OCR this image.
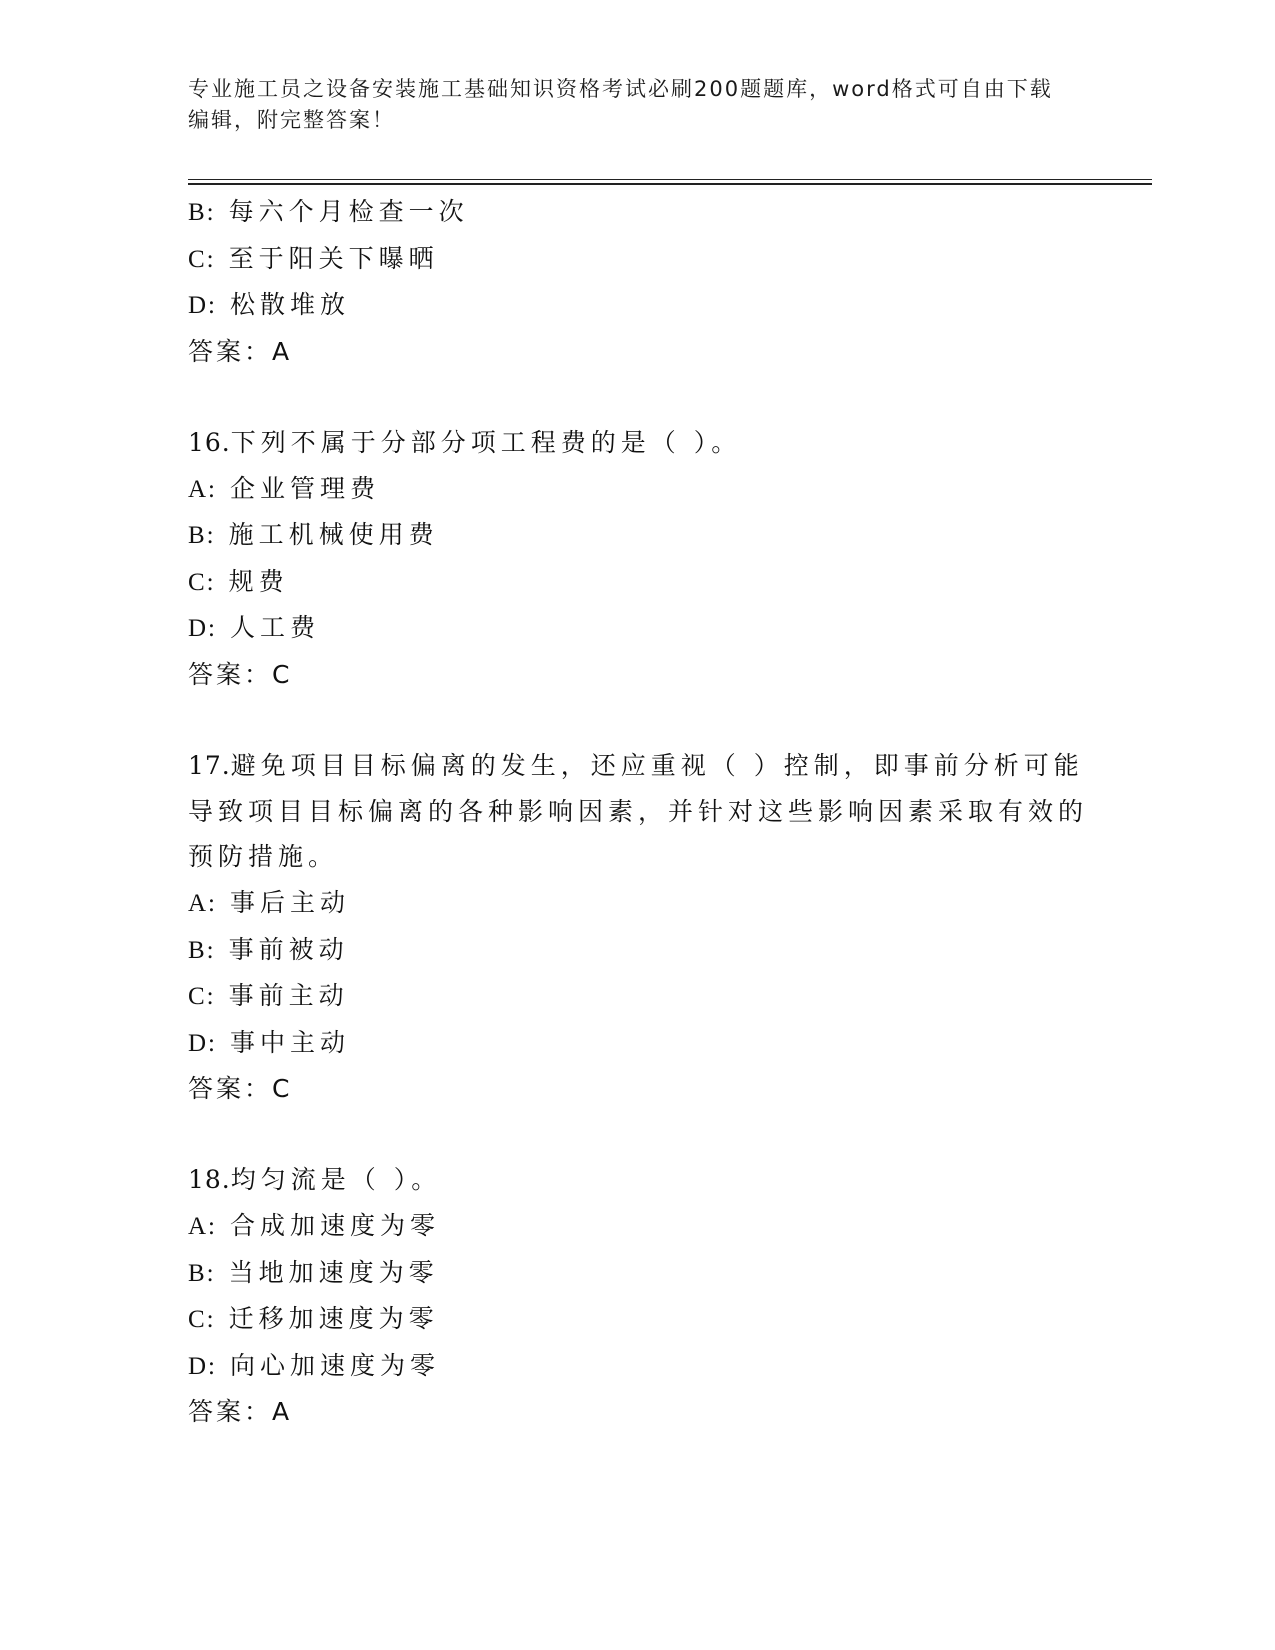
专业施工员之设备安装施工基础知识资格考试必刷200题题库，word格式可自由下载编辑，附完整答案！
B: 每六个月检查一次
C: 至于阳关下曝晒
D: 松散堆放
答案：A
16.下列不属于分部分项工程费的是（ ）。
A: 企业管理费
B: 施工机械使用费
C: 规费
D: 人工费
答案：C
17.避免项目目标偏离的发生，还应重视（ ）控制，即事前分析可能
导致项目目标偏离的各种影响因素，并针对这些影响因素采取有效的
预防措施。
A: 事后主动
B: 事前被动
C: 事前主动
D: 事中主动
答案：C
18.均匀流是（ ）。
A: 合成加速度为零
B: 当地加速度为零
C: 迁移加速度为零
D: 向心加速度为零
答案：A
